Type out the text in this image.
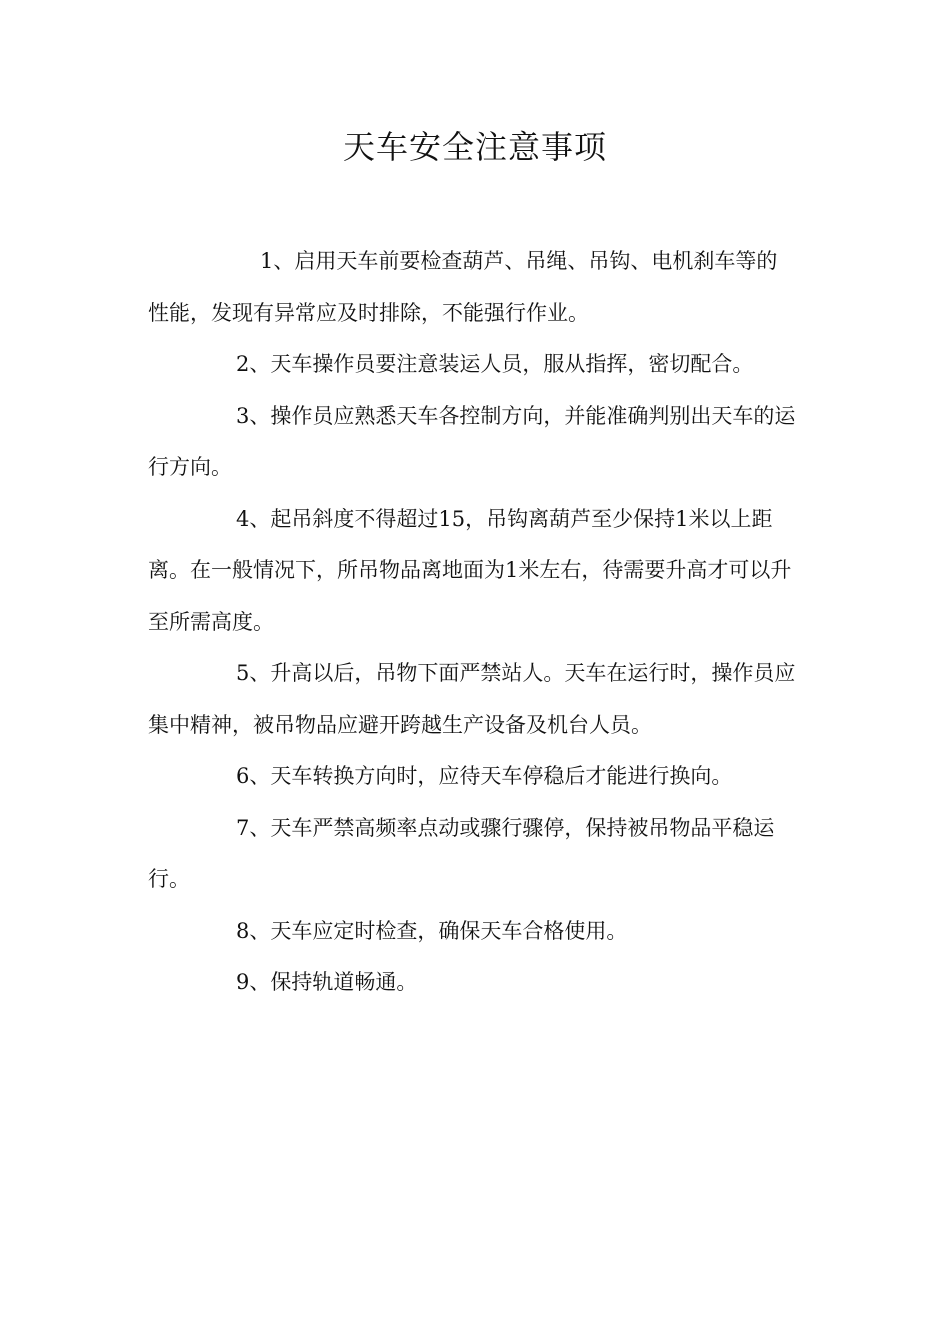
天车安全注意事项

1、启用天车前要检查葫芦、吊绳、吊钩、电机刹车等的性能，发现有异常应及时排除，不能强行作业。

2、天车操作员要注意装运人员，服从指挥，密切配合。

3、操作员应熟悉天车各控制方向，并能准确判别出天车的运行方向。

4、起吊斜度不得超过15，吊钩离葫芦至少保持1米以上距离。在一般情况下，所吊物品离地面为1米左右，待需要升高才可以升至所需高度。

5、升高以后，吊物下面严禁站人。天车在运行时，操作员应集中精神，被吊物品应避开跨越生产设备及机台人员。

6、天车转换方向时，应待天车停稳后才能进行换向。

7、天车严禁高频率点动或骤行骤停，保持被吊物品平稳运行。

8、天车应定时检查，确保天车合格使用。

9、保持轨道畅通。
